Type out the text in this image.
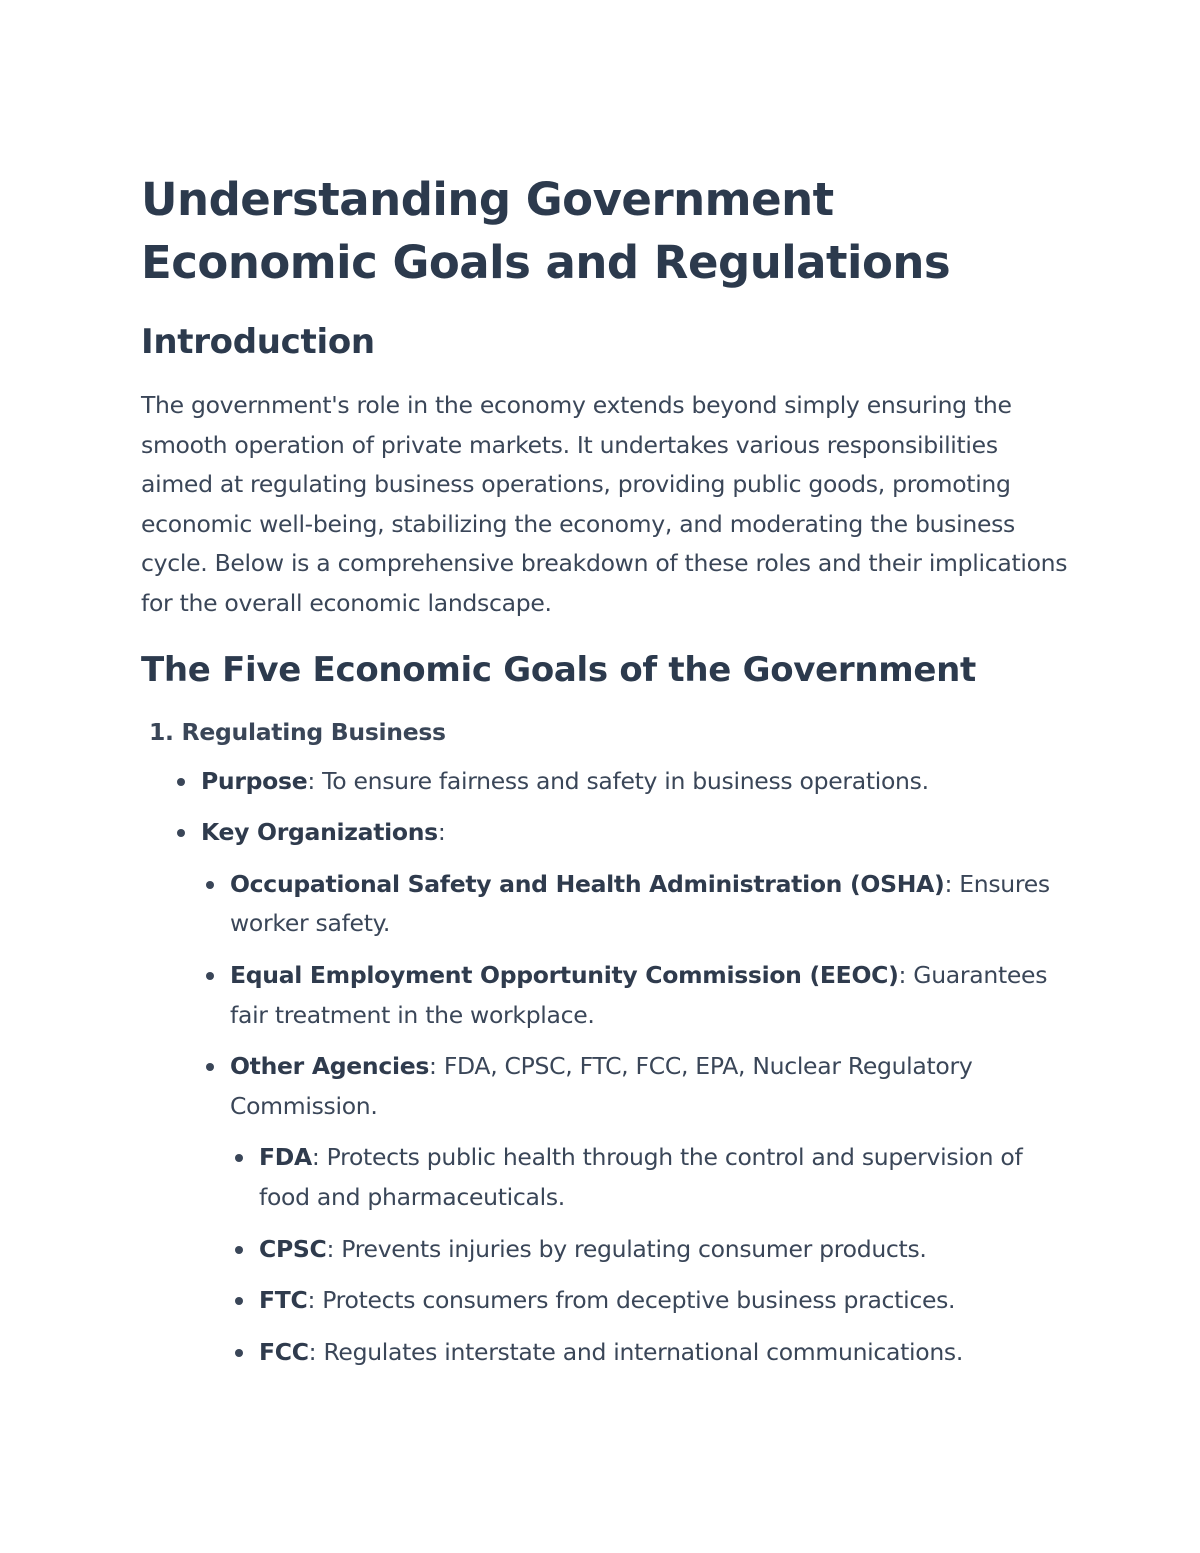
Understanding Government Economic Goals and Regulations
Introduction

The government's role in the economy extends beyond simply ensuring the smooth operation of private markets. It undertakes various responsibilities aimed at regulating business operations, providing public goods, promoting economic well-being, stabilizing the economy, and moderating the business cycle. Below is a comprehensive breakdown of these roles and their implications for the overall economic landscape.

The Five Economic Goals of the Government
1. Regulating Business
Purpose: To ensure fairness and safety in business operations.
Key Organizations:
Occupational Safety and Health Administration (OSHA): Ensures worker safety.
Equal Employment Opportunity Commission (EEOC): Guarantees fair treatment in the workplace.
Other Agencies: FDA, CPSC, FTC, FCC, EPA, Nuclear Regulatory Commission.
FDA: Protects public health through the control and supervision of food and pharmaceuticals.
CPSC: Prevents injuries by regulating consumer products.
FTC: Protects consumers from deceptive business practices.
FCC: Regulates interstate and international communications.
